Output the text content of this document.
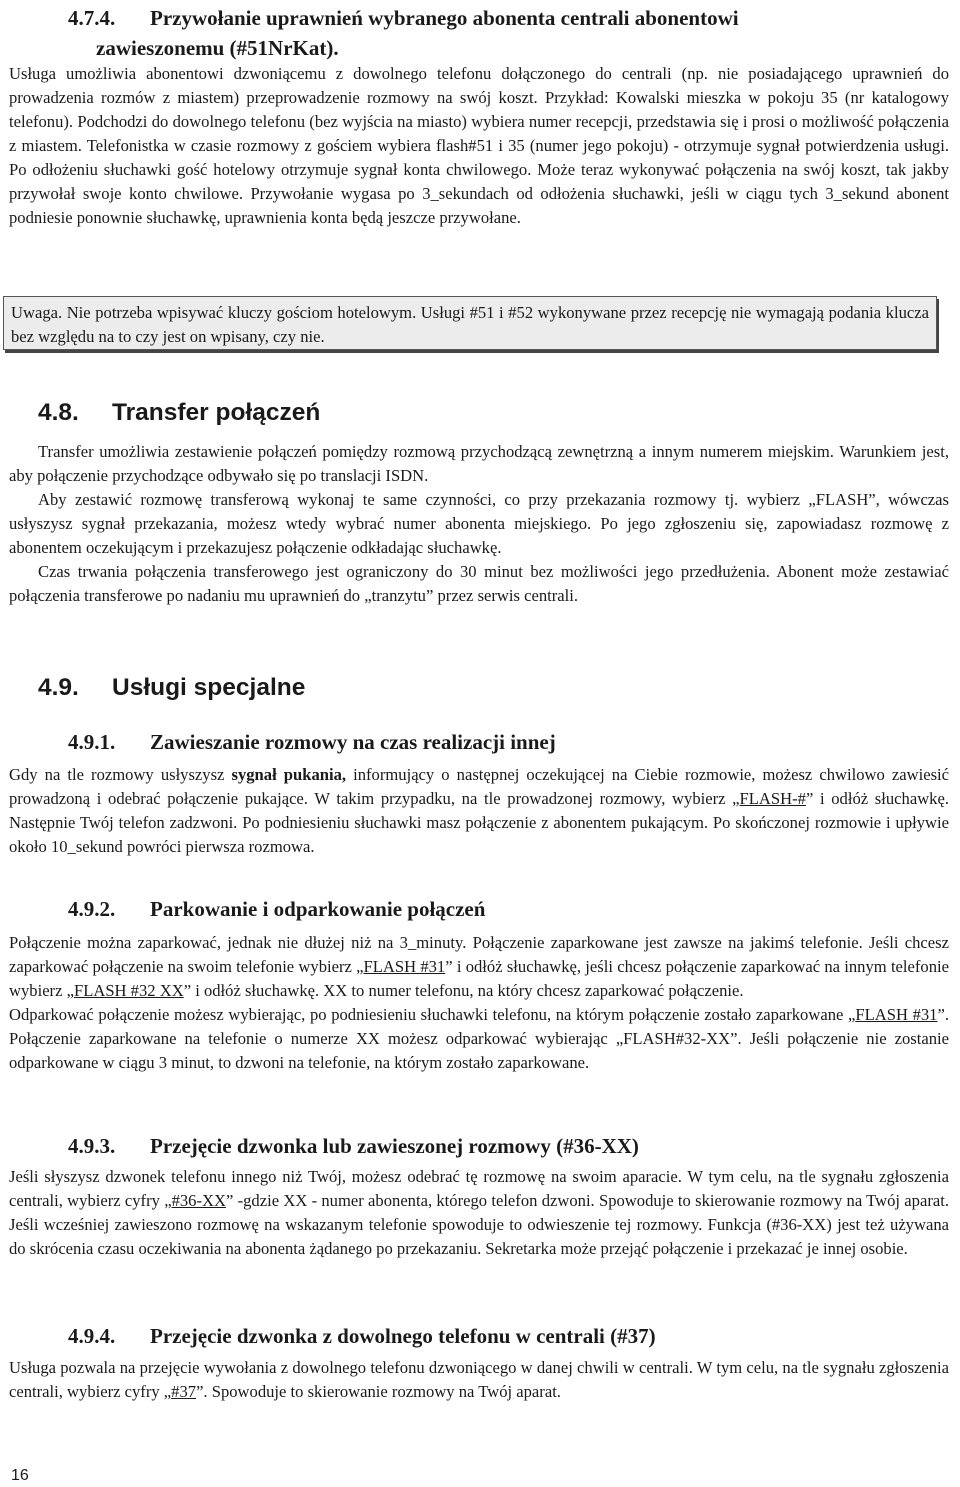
4.7.4. Przywołanie uprawnień wybranego abonenta centrali abonentowi
zawieszonemu (#51NrKat).

Usługa umożliwia abonentowi dzwoniącemu z dowolnego telefonu dołączonego do centrali (np. nie posiadającego uprawnień do prowadzenia rozmów z miastem) przeprowadzenie rozmowy na swój koszt. Przykład: Kowalski mieszka w pokoju 35 (nr katalogowy telefonu). Podchodzi do dowolnego telefonu (bez wyjścia na miasto) wybiera numer recepcji, przedstawia się i prosi o możliwość połączenia z miastem. Telefonistka w czasie rozmowy z gościem wybiera flash#51 i 35 (numer jego pokoju) - otrzymuje sygnał potwierdzenia usługi. Po odłożeniu słuchawki gość hotelowy otrzymuje sygnał konta chwilowego. Może teraz wykonywać połączenia na swój koszt, tak jakby przywołał swoje konto chwilowe. Przywołanie wygasa po 3_sekundach od odłożenia słuchawki, jeśli w ciągu tych 3_sekund abonent podniesie ponownie słuchawkę, uprawnienia konta będą jeszcze przywołane.

Uwaga. Nie potrzeba wpisywać kluczy gościom hotelowym. Usługi #51 i #52 wykonywane przez recepcję nie wymagają podania klucza bez względu na to czy jest on wpisany, czy nie.

4.8. Transfer połączeń

Transfer umożliwia zestawienie połączeń pomiędzy rozmową przychodzącą zewnętrzną a innym numerem miejskim. Warunkiem jest, aby połączenie przychodzące odbywało się po translacji ISDN.

Aby zestawić rozmowę transferową wykonaj te same czynności, co przy przekazania rozmowy tj. wybierz „FLASH”, wówczas usłyszysz sygnał przekazania, możesz wtedy wybrać numer abonenta miejskiego. Po jego zgłoszeniu się, zapowiadasz rozmowę z abonentem oczekującym i przekazujesz połączenie odkładając słuchawkę.

Czas trwania połączenia transferowego jest ograniczony do 30 minut bez możliwości jego przedłużenia. Abonent może zestawiać połączenia transferowe po nadaniu mu uprawnień do „tranzytu” przez serwis centrali.

4.9. Usługi specjalne
4.9.1. Zawieszanie rozmowy na czas realizacji innej

Gdy na tle rozmowy usłyszysz sygnał pukania, informujący o następnej oczekującej na Ciebie rozmowie, możesz chwilowo zawiesić prowadzoną i odebrać połączenie pukające. W takim przypadku, na tle prowadzonej rozmowy, wybierz „FLASH-#” i odłóż słuchawkę. Następnie Twój telefon zadzwoni. Po podniesieniu słuchawki masz połączenie z abonentem pukającym. Po skończonej rozmowie i upływie około 10_sekund powróci pierwsza rozmowa.

4.9.2. Parkowanie i odparkowanie połączeń

Połączenie można zaparkować, jednak nie dłużej niż na 3_minuty. Połączenie zaparkowane jest zawsze na jakimś telefonie. Jeśli chcesz zaparkować połączenie na swoim telefonie wybierz „FLASH #31” i odłóż słuchawkę, jeśli chcesz połączenie zaparkować na innym telefonie wybierz „FLASH #32 XX” i odłóż słuchawkę. XX to numer telefonu, na który chcesz zaparkować połączenie.

Odparkować połączenie możesz wybierając, po podniesieniu słuchawki telefonu, na którym połączenie zostało zaparkowane „FLASH #31”. Połączenie zaparkowane na telefonie o numerze XX możesz odparkować wybierając „FLASH#32-XX”. Jeśli połączenie nie zostanie odparkowane w ciągu 3 minut, to dzwoni na telefonie, na którym zostało zaparkowane.

4.9.3. Przejęcie dzwonka lub zawieszonej rozmowy (#36-XX)

Jeśli słyszysz dzwonek telefonu innego niż Twój, możesz odebrać tę rozmowę na swoim aparacie. W tym celu, na tle sygnału zgłoszenia centrali, wybierz cyfry „#36-XX” -gdzie XX - numer abonenta, którego telefon dzwoni. Spowoduje to skierowanie rozmowy na Twój aparat. Jeśli wcześniej zawieszono rozmowę na wskazanym telefonie spowoduje to odwieszenie tej rozmowy. Funkcja (#36-XX) jest też używana do skrócenia czasu oczekiwania na abonenta żądanego po przekazaniu. Sekretarka może przejąć połączenie i przekazać je innej osobie.

4.9.4. Przejęcie dzwonka z dowolnego telefonu w centrali (#37)

Usługa pozwala na przejęcie wywołania z dowolnego telefonu dzwoniącego w danej chwili w centrali. W tym celu, na tle sygnału zgłoszenia centrali, wybierz cyfry „#37”. Spowoduje to skierowanie rozmowy na Twój aparat.

16
